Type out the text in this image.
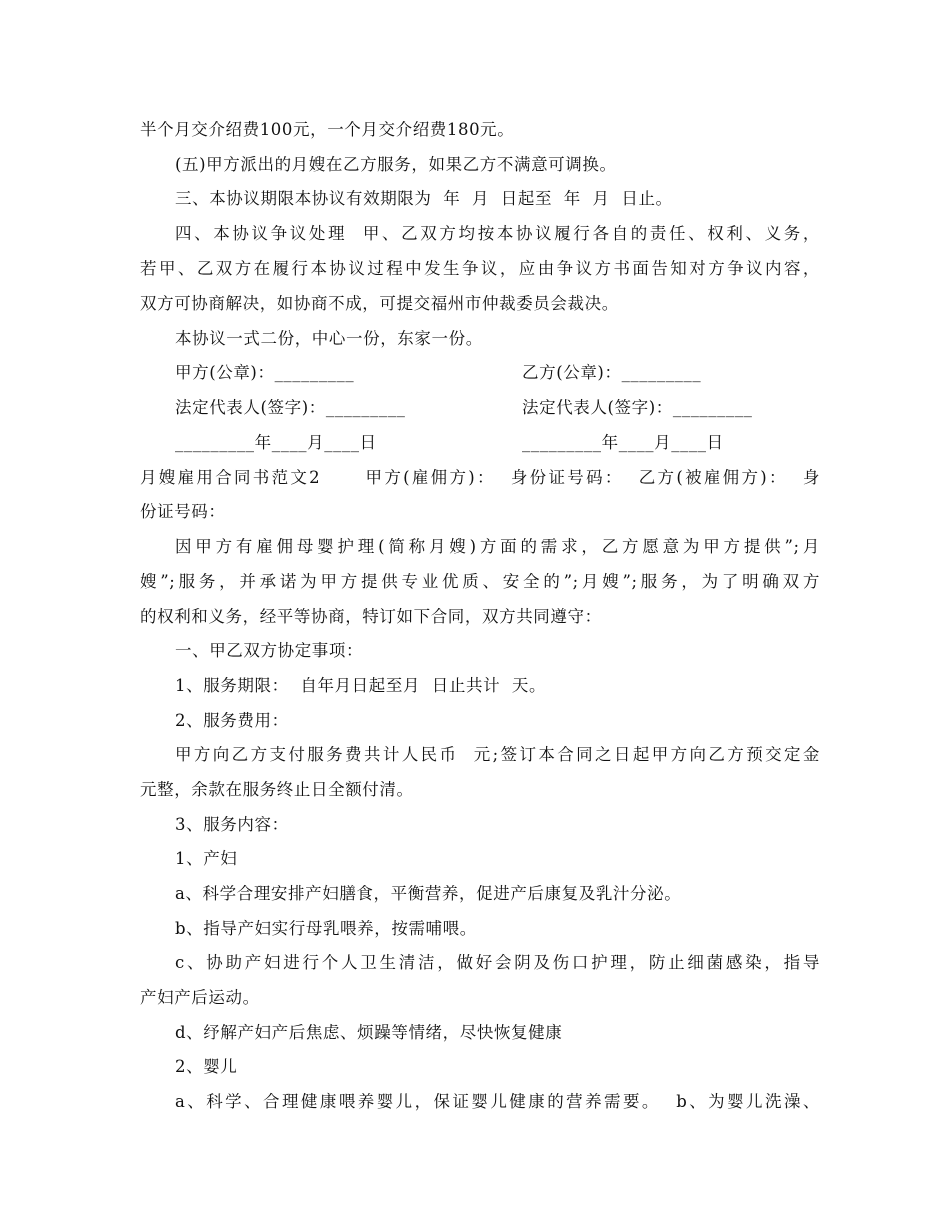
半个月交介绍费100元，一个月交介绍费180元。
(五)甲方派出的月嫂在乙方服务，如果乙方不满意可调换。
三、本协议期限本协议有效期限为  年  月  日起至  年  月  日止。
四、本协议争议处理  甲、乙双方均按本协议履行各自的责任、权利、义务，
若甲、乙双方在履行本协议过程中发生争议，应由争议方书面告知对方争议内容，
双方可协商解决，如协商不成，可提交福州市仲裁委员会裁决。
本协议一式二份，中心一份，东家一份。
甲方(公章)：_________	乙方(公章)：_________
法定代表人(签字)：_________	法定代表人(签字)：_________
_________年____月____日	_________年____月____日
月嫂雇用合同书范文2      甲方(雇佣方)：  身份证号码：  乙方(被雇佣方)：  身
份证号码：
因甲方有雇佣母婴护理(简称月嫂)方面的需求，乙方愿意为甲方提供”;月
嫂”;服务，并承诺为甲方提供专业优质、安全的”;月嫂”;服务，为了明确双方
的权利和义务，经平等协商，特订如下合同，双方共同遵守：
一、甲乙双方协定事项：
1、服务期限：  自年月日起至月  日止共计  天。
2、服务费用：
甲方向乙方支付服务费共计人民币  元;签订本合同之日起甲方向乙方预交定金
元整，余款在服务终止日全额付清。
3、服务内容：
1、产妇
a、科学合理安排产妇膳食，平衡营养，促进产后康复及乳汁分泌。
b、指导产妇实行母乳喂养，按需哺喂。
c、协助产妇进行个人卫生清洁，做好会阴及伤口护理，防止细菌感染，指导
产妇产后运动。
d、纾解产妇产后焦虑、烦躁等情绪，尽快恢复健康
2、婴儿
a、科学、合理健康喂养婴儿，保证婴儿健康的营养需要。  b、为婴儿洗澡、
